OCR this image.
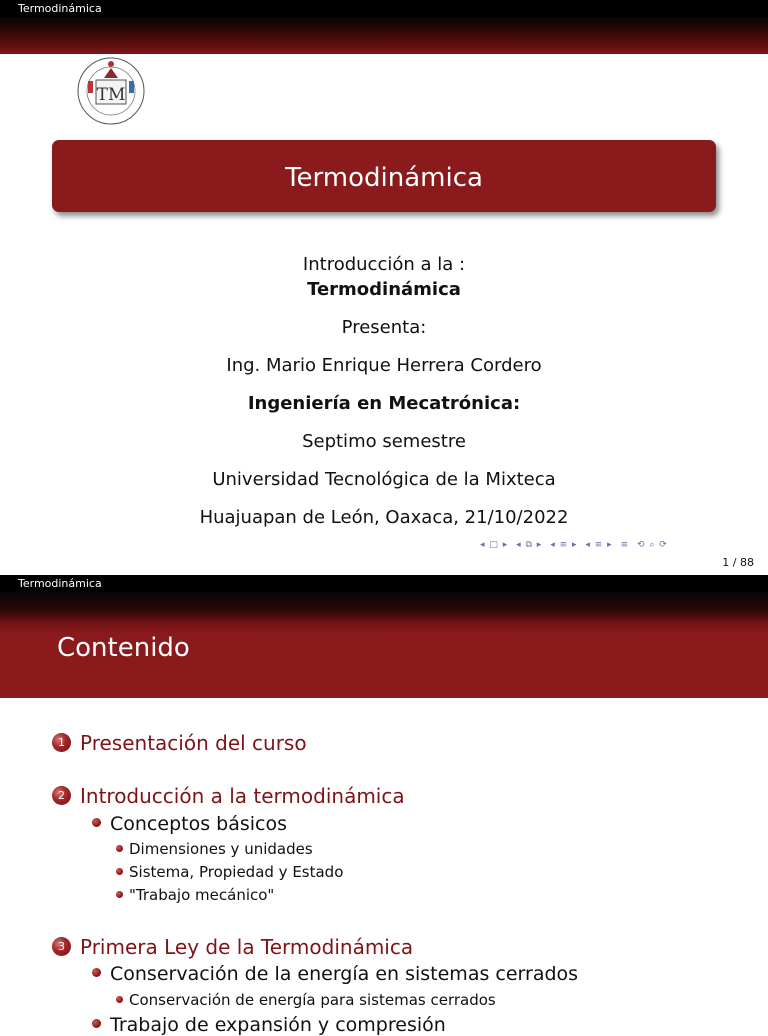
Termodinámica
TM
Termodinámica
Introducción a la :
Termodinámica
Presenta:
Ing. Mario Enrique Herrera Cordero
Ingeniería en Mecatrónica:
Septimo semestre
Universidad Tecnológica de la Mixteca
Huajuapan de León, Oaxaca, 21/10/2022
◂ □ ▸ ◂ ⧉ ▸ ◂ ≡ ▸ ◂ ≡ ▸ ≡ ⟲ ⌕ ⟳
1 / 88
Termodinámica
Contenido
1 Presentación del curso
2 Introducción a la termodinámica
Conceptos básicos
Dimensiones y unidades
Sistema, Propiedad y Estado
"Trabajo mecánico"
3 Primera Ley de la Termodinámica
Conservación de la energía en sistemas cerrados
Conservación de energía para sistemas cerrados
Trabajo de expansión y compresión
